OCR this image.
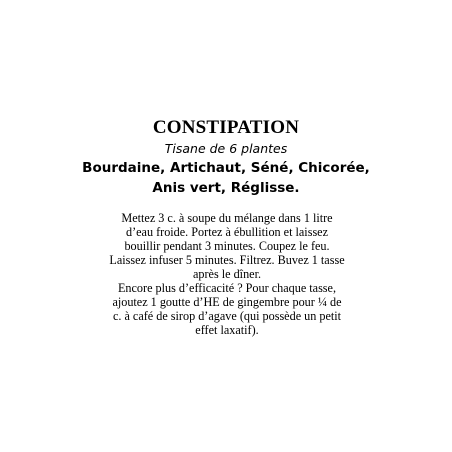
CONSTIPATION
Tisane de 6 plantes
Bourdaine, Artichaut, Séné, Chicorée,
Anis vert, Réglisse.
Mettez 3 c. à soupe du mélange dans 1 litre
d’eau froide. Portez à ébullition et laissez
bouillir pendant 3 minutes. Coupez le feu.
Laissez infuser 5 minutes. Filtrez. Buvez 1 tasse
après le dîner.
Encore plus d’efficacité ? Pour chaque tasse,
ajoutez 1 goutte d’HE de gingembre pour ¼ de
c. à café de sirop d’agave (qui possède un petit
effet laxatif).
